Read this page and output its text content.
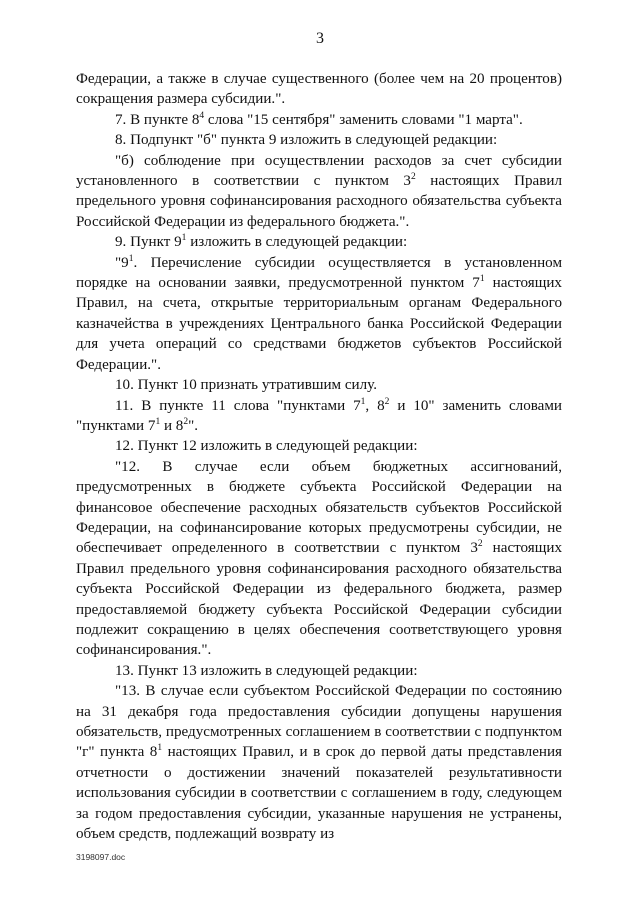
3

Федерации, а также в случае существенного (более чем на 20 процентов) сокращения размера субсидии.".

7. В пункте $8^4$ слова "15 сентября" заменить словами "1 марта".

8. Подпункт "б" пункта 9 изложить в следующей редакции:

"б) соблюдение при осуществлении расходов за счет субсидии установленного в соответствии с пунктом $3^2$ настоящих Правил предельного уровня софинансирования расходного обязательства субъекта Российской Федерации из федерального бюджета.".

9. Пункт $9^1$ изложить в следующей редакции:

"$9^1$. Перечисление субсидии осуществляется в установленном порядке на основании заявки, предусмотренной пунктом $7^1$ настоящих Правил, на счета, открытые территориальным органам Федерального казначейства в учреждениях Центрального банка Российской Федерации для учета операций со средствами бюджетов субъектов Российской Федерации.".

10. Пункт 10 признать утратившим силу.

11. В пункте 11 слова "пунктами $7^1$, $8^2$ и 10" заменить словами "пунктами $7^1$ и $8^2$".

12. Пункт 12 изложить в следующей редакции:

"12. В случае если объем бюджетных ассигнований, предусмотренных в бюджете субъекта Российской Федерации на финансовое обеспечение расходных обязательств субъектов Российской Федерации, на софинансирование которых предусмотрены субсидии, не обеспечивает определенного в соответствии с пунктом $3^2$ настоящих Правил предельного уровня софинансирования расходного обязательства субъекта Российской Федерации из федерального бюджета, размер предоставляемой бюджету субъекта Российской Федерации субсидии подлежит сокращению в целях обеспечения соответствующего уровня софинансирования.".

13. Пункт 13 изложить в следующей редакции:

"13. В случае если субъектом Российской Федерации по состоянию на 31 декабря года предоставления субсидии допущены нарушения обязательств, предусмотренных соглашением в соответствии с подпунктом "г" пункта $8^1$ настоящих Правил, и в срок до первой даты представления отчетности о достижении значений показателей результативности использования субсидии в соответствии с соглашением в году, следующем за годом предоставления субсидии, указанные нарушения не устранены, объем средств, подлежащий возврату из

3198097.doc
